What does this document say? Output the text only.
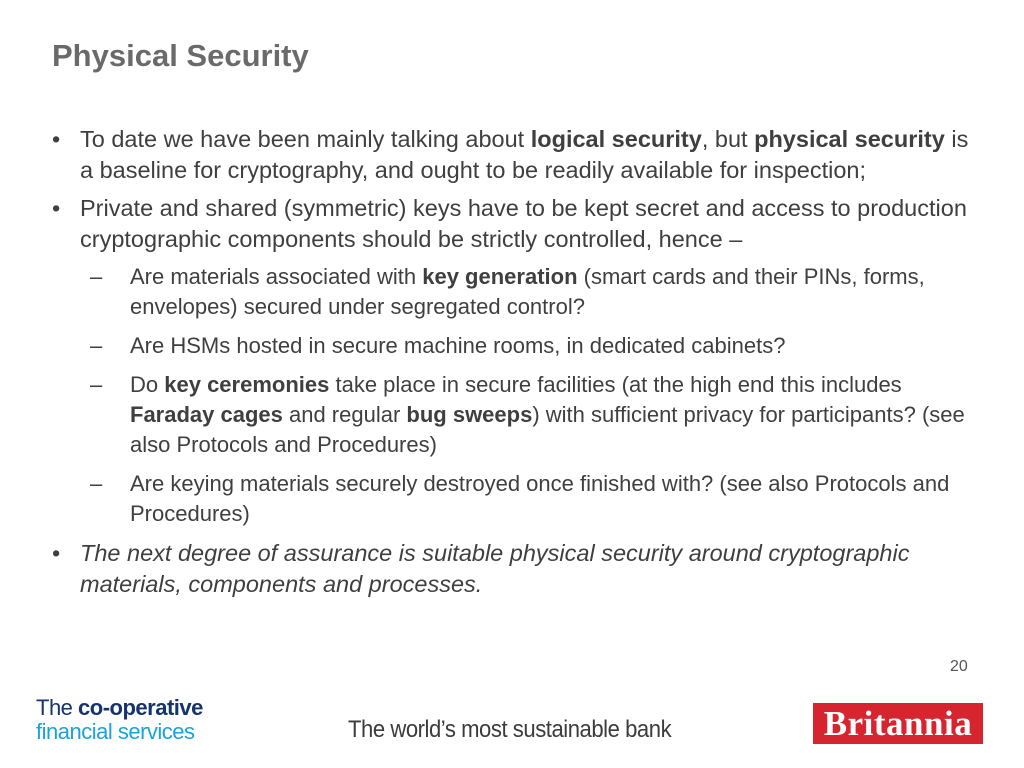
Physical Security
• To date we have been mainly talking about logical security, but physical security is a baseline for cryptography, and ought to be readily available for inspection;
• Private and shared (symmetric) keys have to be kept secret and access to production cryptographic components should be strictly controlled, hence –
– Are materials associated with key generation (smart cards and their PINs, forms, envelopes) secured under segregated control?
– Are HSMs hosted in secure machine rooms, in dedicated cabinets?
– Do key ceremonies take place in secure facilities (at the high end this includes Faraday cages and regular bug sweeps) with sufficient privacy for participants? (see also Protocols and Procedures)
– Are keying materials securely destroyed once finished with? (see also Protocols and Procedures)
• The next degree of assurance is suitable physical security around cryptographic materials, components and processes.
20
The co-operative
financial services	The world’s most sustainable bank	Britannia
